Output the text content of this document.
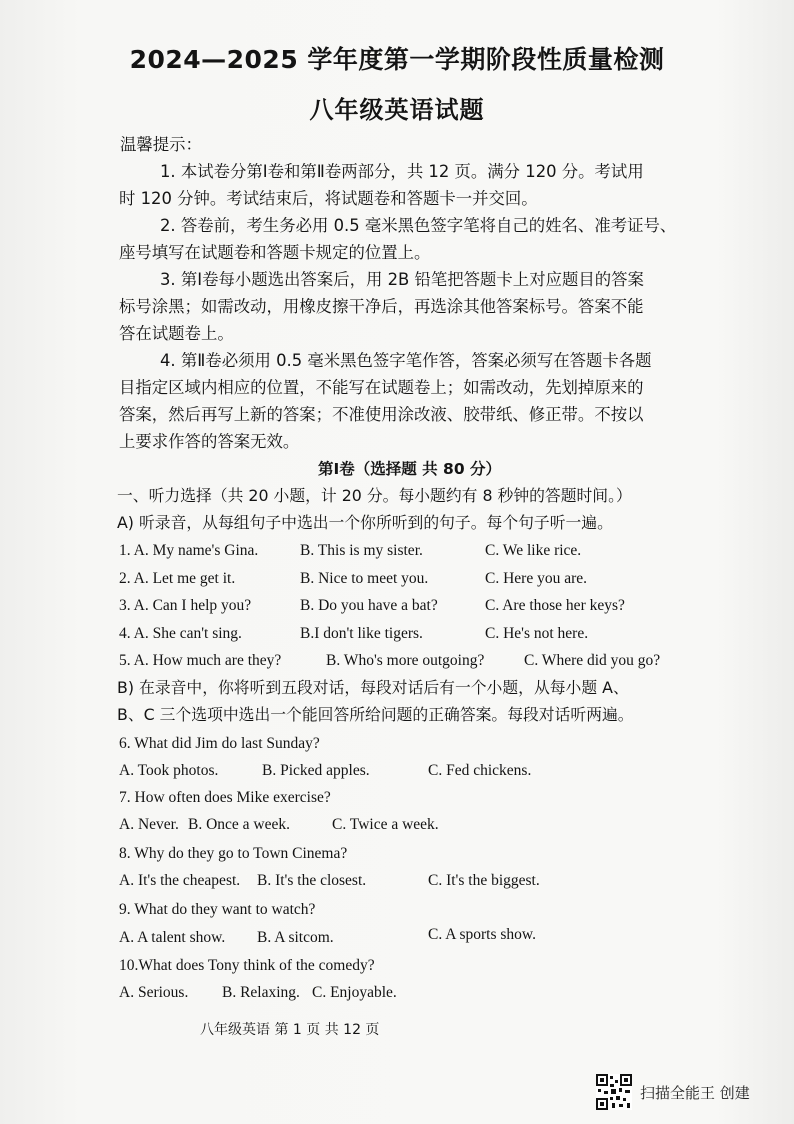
2024—2025 学年度第一学期阶段性质量检测
八年级英语试题
温馨提示：
1. 本试卷分第Ⅰ卷和第Ⅱ卷两部分，共 12 页。满分 120 分。考试用
时 120 分钟。考试结束后，将试题卷和答题卡一并交回。
2. 答卷前，考生务必用 0.5 毫米黑色签字笔将自己的姓名、准考证号、
座号填写在试题卷和答题卡规定的位置上。
3. 第Ⅰ卷每小题选出答案后，用 2B 铅笔把答题卡上对应题目的答案
标号涂黑；如需改动，用橡皮擦干净后，再选涂其他答案标号。答案不能
答在试题卷上。
4. 第Ⅱ卷必须用 0.5 毫米黑色签字笔作答，答案必须写在答题卡各题
目指定区域内相应的位置，不能写在试题卷上；如需改动，先划掉原来的
答案，然后再写上新的答案；不准使用涂改液、胶带纸、修正带。不按以
上要求作答的答案无效。
第Ⅰ卷（选择题 共 80 分）
一、听力选择（共 20 小题，计 20 分。每小题约有 8 秒钟的答题时间。）
A) 听录音，从每组句子中选出一个你所听到的句子。每个句子听一遍。
1. A. My name's Gina.	B. This is my sister.	C. We like rice.
2. A. Let me get it.	B. Nice to meet you.	C. Here you are.
3. A. Can I help you?	B. Do you have a bat?	C. Are those her keys?
4. A. She can't sing.	B.I don't like tigers.	C. He's not here.
5. A. How much are they?	B. Who's more outgoing?	C. Where did you go?
B) 在录音中，你将听到五段对话，每段对话后有一个小题，从每小题 A、
B、C 三个选项中选出一个能回答所给问题的正确答案。每段对话听两遍。
6. What did Jim do last Sunday?
A. Took photos.	B. Picked apples.	C. Fed chickens.
7. How often does Mike exercise?
A. Never. B. Once a week.	C. Twice a week.
8. Why do they go to Town Cinema?
A. It's the cheapest. B. It's the closest.	C. It's the biggest.
9. What do they want to watch?
A. A talent show. B. A sitcom.	C. A sports show.
10.What does Tony think of the comedy?
A. Serious. B. Relaxing. C. Enjoyable.
八年级英语 第 1 页 共 12 页
扫描全能王 创建
